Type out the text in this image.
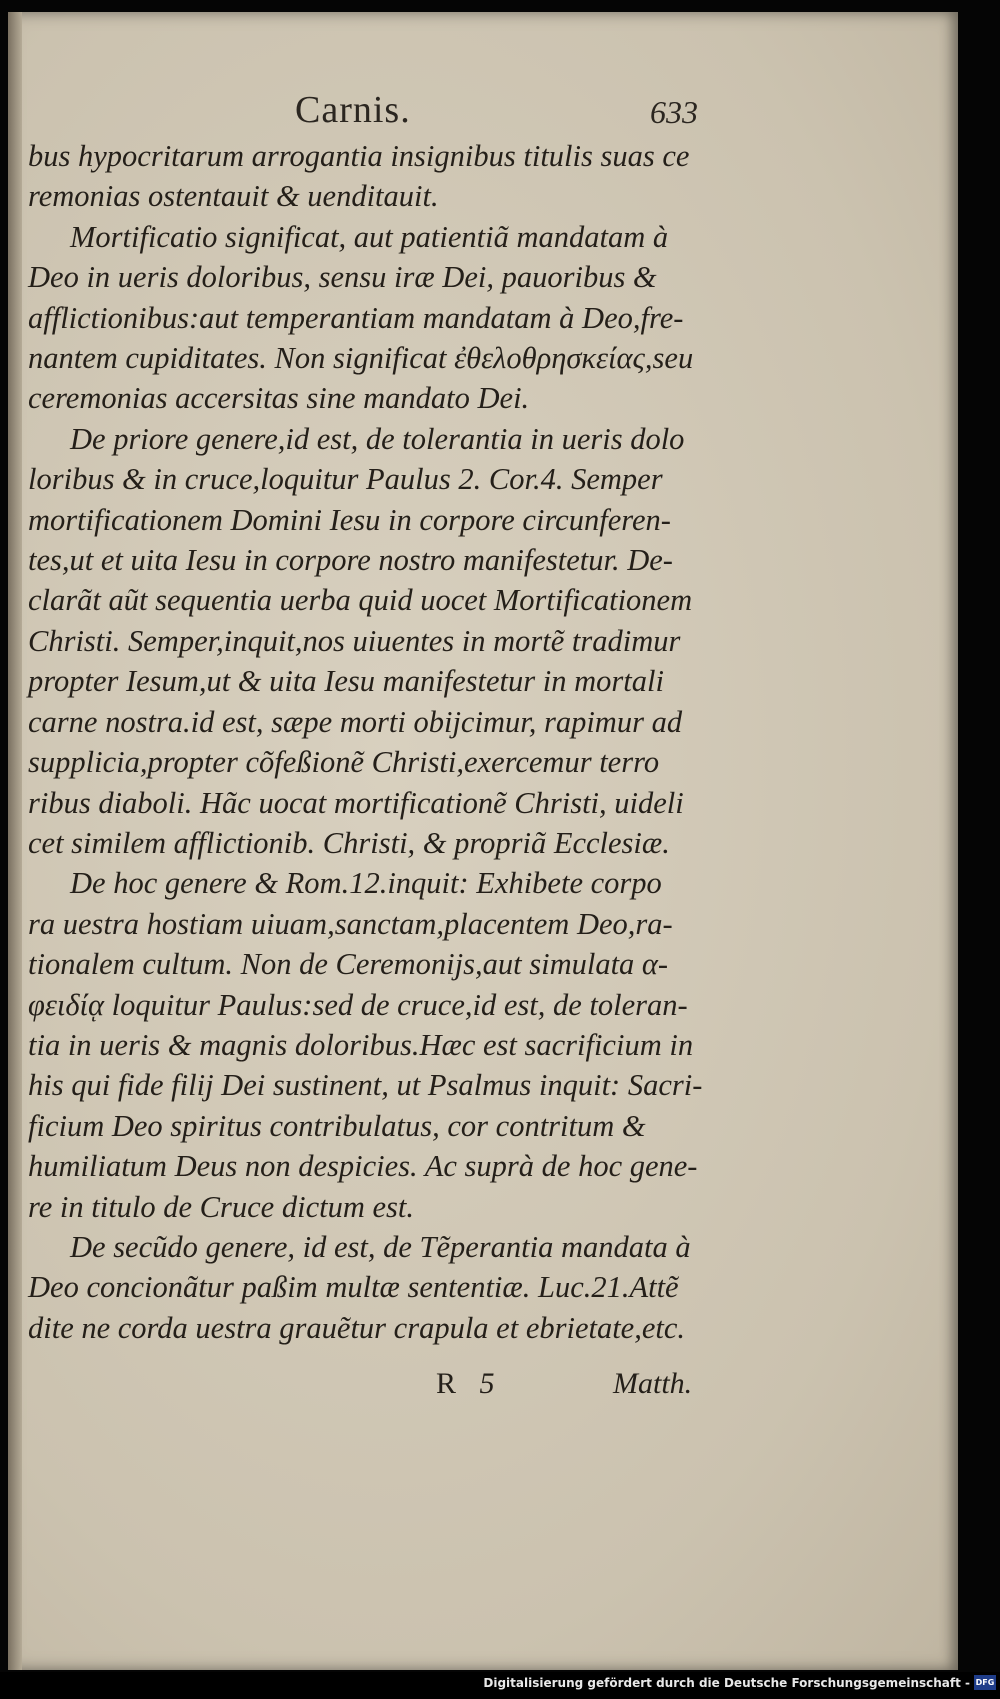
Carnis.	633
bus hypocritarum arrogantia insignibus titulis suas ce
remonias ostentauit & uenditauit.
Mortificatio significat, aut patientiã mandatam à
Deo in ueris doloribus, sensu iræ Dei, pauoribus &
afflictionibus:aut temperantiam mandatam à Deo,fre-
nantem cupiditates. Non significat ἐθελοθρησκείας,seu
ceremonias accersitas sine mandato Dei.
De priore genere,id est, de tolerantia in ueris dolo
loribus & in cruce,loquitur Paulus 2. Cor.4. Semper
mortificationem Domini Iesu in corpore circunferen-
tes,ut et uita Iesu in corpore nostro manifestetur. De-
clarãt aũt sequentia uerba quid uocet Mortificationem
Christi. Semper,inquit,nos uiuentes in mortẽ tradimur
propter Iesum,ut & uita Iesu manifestetur in mortali
carne nostra.id est, sæpe morti obijcimur, rapimur ad
supplicia,propter cõfeßionẽ Christi,exercemur terro
ribus diaboli. Hãc uocat mortificationẽ Christi, uideli
cet similem afflictionib. Christi, & propriã Ecclesiæ.
De hoc genere & Rom.12.inquit: Exhibete corpo
ra uestra hostiam uiuam,sanctam,placentem Deo,ra-
tionalem cultum. Non de Ceremonijs,aut simulata α-
φειδίᾳ loquitur Paulus:sed de cruce,id est, de toleran-
tia in ueris & magnis doloribus.Hæc est sacrificium in
his qui fide filij Dei sustinent, ut Psalmus inquit: Sacri-
ficium Deo spiritus contribulatus, cor contritum &
humiliatum Deus non despicies. Ac suprà de hoc gene-
re in titulo de Cruce dictum est.
De secũdo genere, id est, de Tẽperantia mandata à
Deo concionãtur paßim multæ sententiæ. Luc.21.Attẽ
dite ne corda uestra grauẽtur crapula et ebrietate,etc.
R 5	Matth.
Digitalisierung gefördert durch die Deutsche Forschungsgemeinschaft - DFG
